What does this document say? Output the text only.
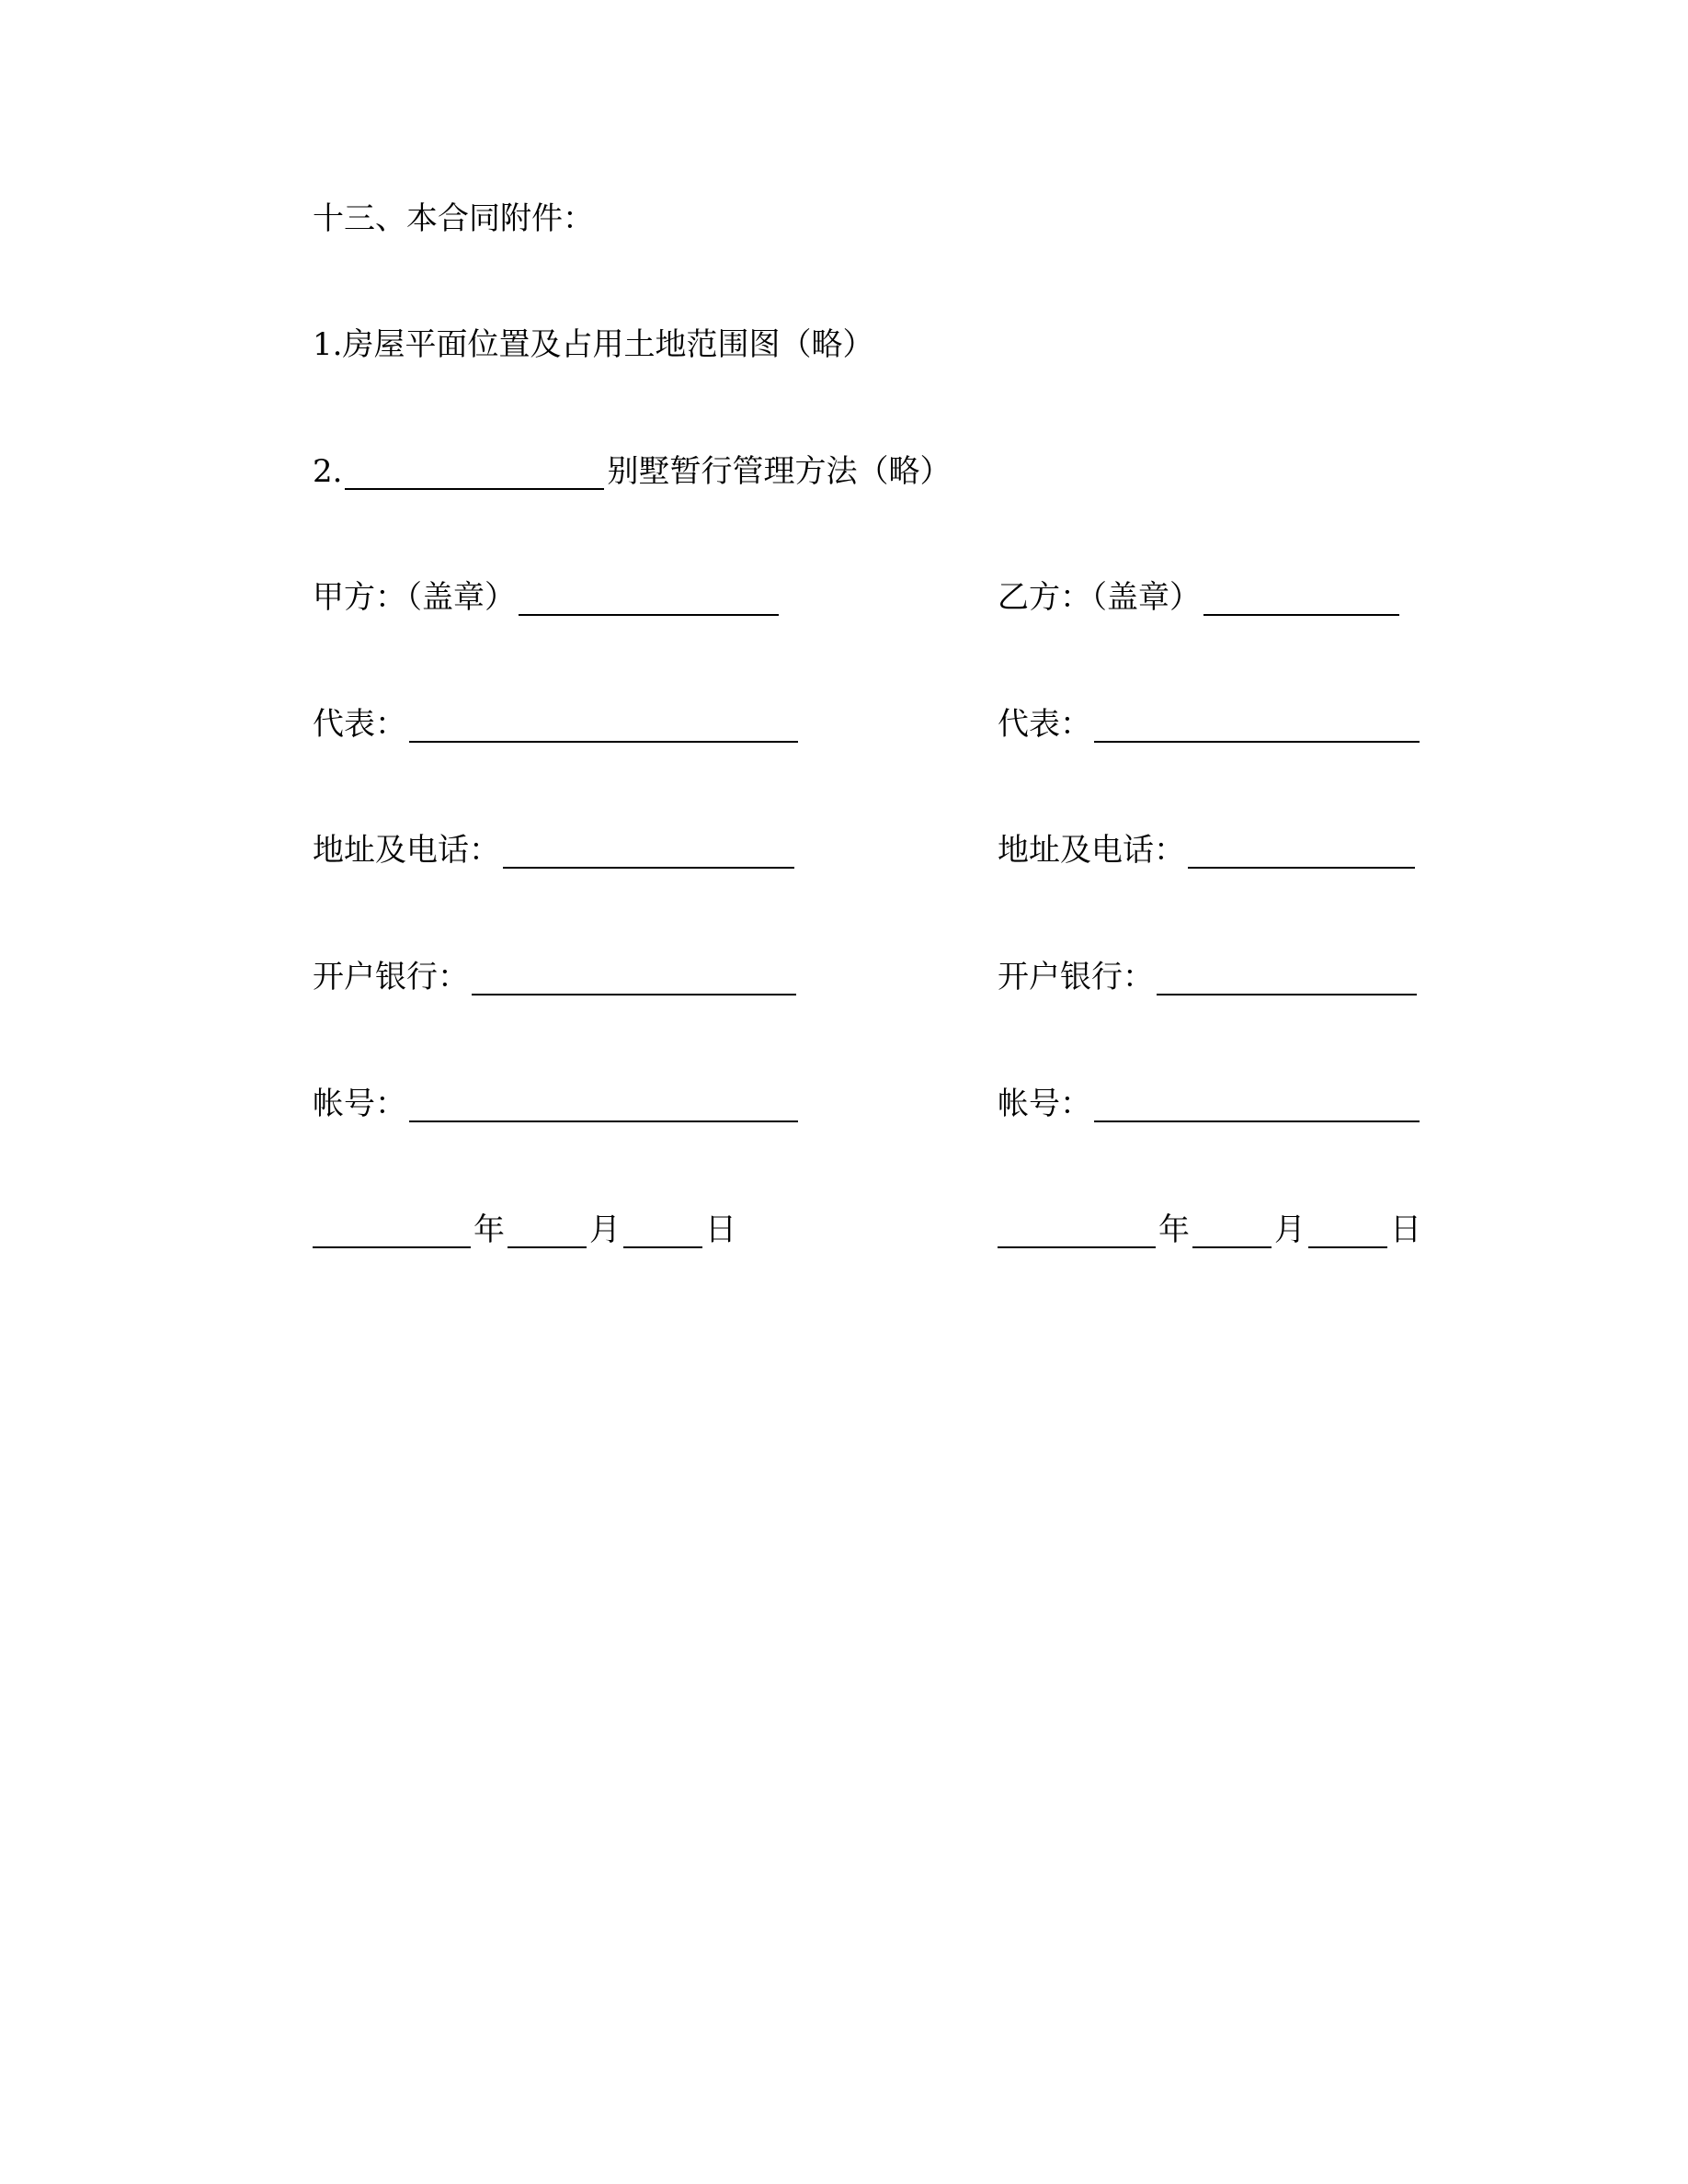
十三、本合同附件：
1.房屋平面位置及占用土地范围图（略）
2.	别墅暂行管理方法（略）
甲方：（盖章）
代表：
地址及电话：
开户银行：
帐号：
年	月	日
乙方：（盖章）
代表：
地址及电话：
开户银行：
帐号：
年	月	日
